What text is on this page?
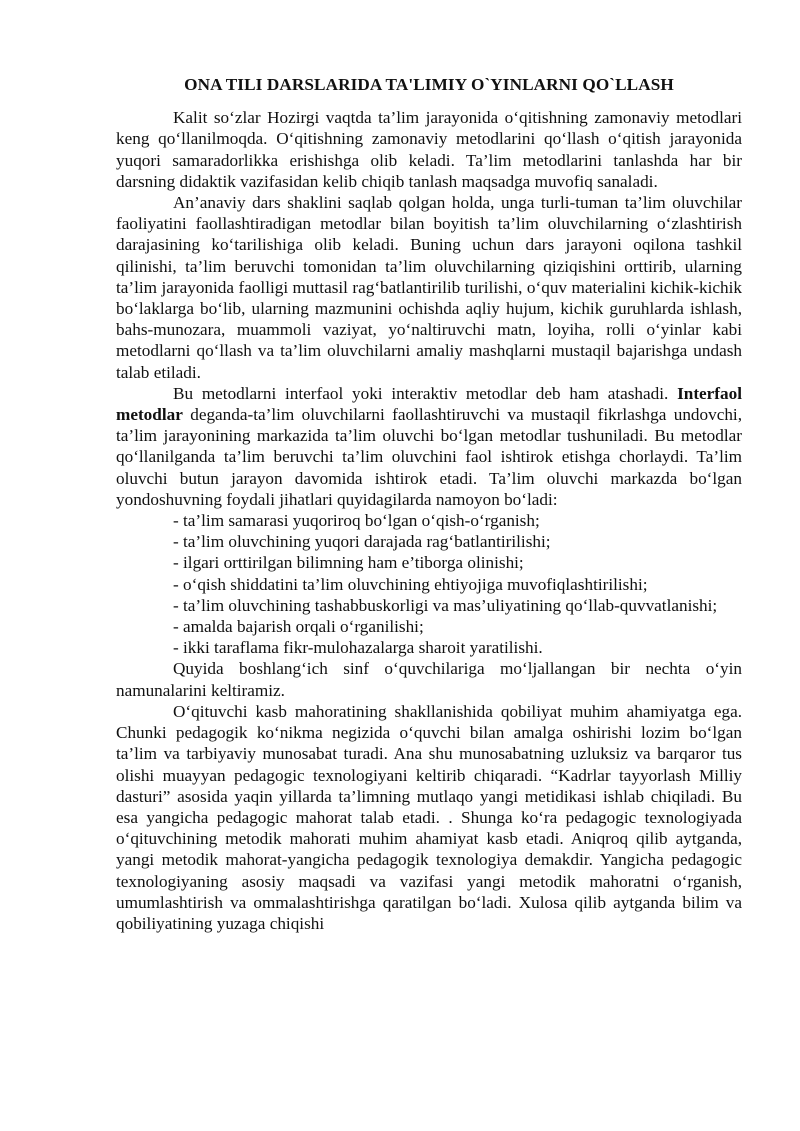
ONA TILI DARSLARIDA TA'LIMIY O`YINLARNI QO`LLASH

Kalit so‘zlar Hozirgi vaqtda ta’lim jarayonida o‘qitishning zamonaviy metodlari keng qo‘llanilmoqda. O‘qitishning zamonaviy metodlarini qo‘llash o‘qitish jarayonida yuqori samaradorlikka erishishga olib keladi. Ta’lim metodlarini tanlashda har bir darsning didaktik vazifasidan kelib chiqib tanlash maqsadga muvofiq sanaladi.

An’anaviy dars shaklini saqlab qolgan holda, unga turli-tuman ta’lim oluvchilar faoliyatini faollashtiradigan metodlar bilan boyitish ta’lim oluvchilarning o‘zlashtirish darajasining ko‘tarilishiga olib keladi. Buning uchun dars jarayoni oqilona tashkil qilinishi, ta’lim beruvchi tomonidan ta’lim oluvchilarning qiziqishini orttirib, ularning ta’lim jarayonida faolligi muttasil rag‘batlantirilib turilishi, o‘quv materialini kichik-kichik bo‘laklarga bo‘lib, ularning mazmunini ochishda aqliy hujum, kichik guruhlarda ishlash, bahs-munozara, muammoli vaziyat, yo‘naltiruvchi matn, loyiha, rolli o‘yinlar kabi metodlarni qo‘llash va ta’lim oluvchilarni amaliy mashqlarni mustaqil bajarishga undash talab etiladi.

Bu metodlarni interfaol yoki interaktiv metodlar deb ham atashadi. Interfaol metodlar deganda-ta’lim oluvchilarni faollashtiruvchi va mustaqil fikrlashga undovchi, ta’lim jarayonining markazida ta’lim oluvchi bo‘lgan metodlar tushuniladi. Bu metodlar qo‘llanilganda ta’lim beruvchi ta’lim oluvchini faol ishtirok etishga chorlaydi. Ta’lim oluvchi butun jarayon davomida ishtirok etadi. Ta’lim oluvchi markazda bo‘lgan yondoshuvning foydali jihatlari quyidagilarda namoyon bo‘ladi:

- ta’lim samarasi yuqoriroq bo‘lgan o‘qish-o‘rganish;

- ta’lim oluvchining yuqori darajada rag‘batlantirilishi;

- ilgari orttirilgan bilimning ham e’tiborga olinishi;

- o‘qish shiddatini ta’lim oluvchining ehtiyojiga muvofiqlashtirilishi;

- ta’lim oluvchining tashabbuskorligi va mas’uliyatining qo‘llab-quvvatlanishi;

- amalda bajarish orqali o‘rganilishi;

- ikki taraflama fikr-mulohazalarga sharoit yaratilishi.

Quyida boshlang‘ich sinf o‘quvchilariga mo‘ljallangan bir nechta o‘yin namunalarini keltiramiz.

O‘qituvchi kasb mahoratining shakllanishida qobiliyat muhim ahamiyatga ega. Chunki pedagogik ko‘nikma negizida o‘quvchi bilan amalga oshirishi lozim bo‘lgan ta’lim va tarbiyaviy munosabat turadi. Ana shu munosabatning uzluksiz va barqaror tus olishi muayyan pedagogic texnologiyani keltirib chiqaradi. “Kadrlar tayyorlash Milliy dasturi” asosida yaqin yillarda ta’limning mutlaqo yangi metidikasi ishlab chiqiladi. Bu esa yangicha pedagogic mahorat talab etadi. . Shunga ko‘ra pedagogic texnologiyada o‘qituvchining metodik mahorati muhim ahamiyat kasb etadi. Aniqroq qilib aytganda, yangi metodik mahorat-yangicha pedagogik texnologiya demakdir. Yangicha pedagogic texnologiyaning asosiy maqsadi va vazifasi yangi metodik mahoratni o‘rganish, umumlashtirish va ommalashtirishga qaratilgan bo‘ladi. Xulosa qilib aytganda bilim va qobiliyatining yuzaga chiqishi
